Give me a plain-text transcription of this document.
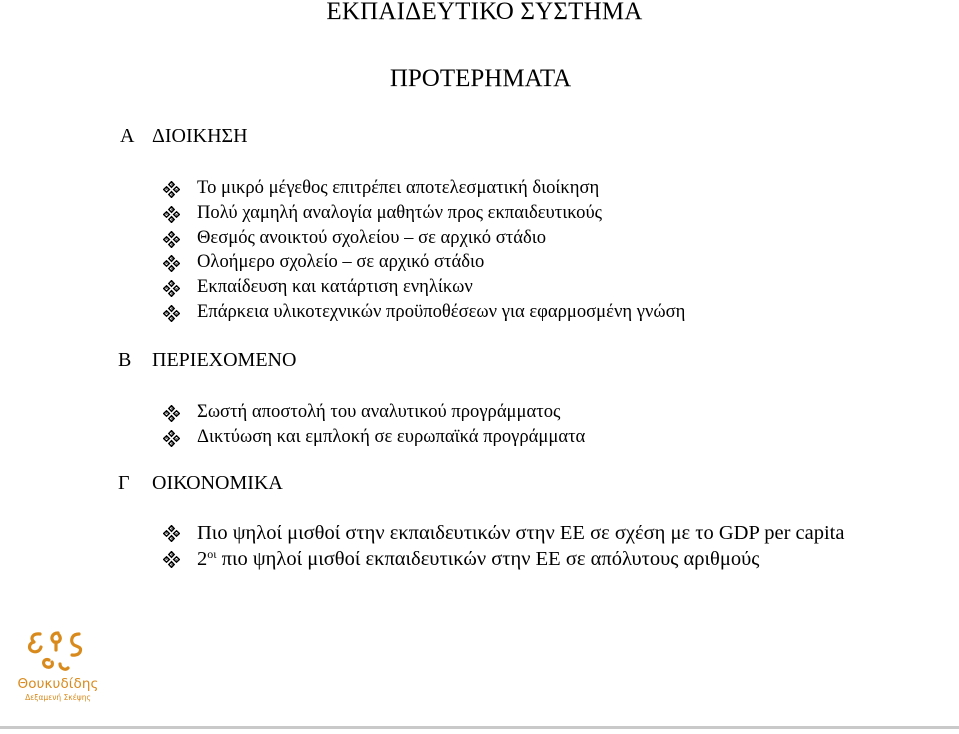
ΕΚΠΑΙΔΕΥΤΙΚΟ ΣΥΣΤΗΜΑ
ΠΡΟΤΕΡΗΜΑΤΑ
Α ΔΙΟΙΚΗΣΗ
Το μικρό μέγεθος επιτρέπει αποτελεσματική διοίκηση
Πολύ χαμηλή αναλογία μαθητών προς εκπαιδευτικούς
Θεσμός ανοικτού σχολείου – σε αρχικό στάδιο
Ολοήμερο σχολείο – σε αρχικό στάδιο
Εκπαίδευση και κατάρτιση ενηλίκων
Επάρκεια υλικοτεχνικών προϋποθέσεων για εφαρμοσμένη γνώση
Β ΠΕΡΙΕΧΟΜΕΝΟ
Σωστή αποστολή του αναλυτικού προγράμματος
Δικτύωση και εμπλοκή σε ευρωπαϊκά προγράμματα
Γ ΟΙΚΟΝΟΜΙΚΑ
Πιο ψηλοί μισθοί στην εκπαιδευτικών στην ΕΕ σε σχέση με το GDP per capita
$2^{o\iota}$ πιο ψηλοί μισθοί εκπαιδευτικών στην ΕΕ σε απόλυτους αριθμούς
Θουκυδίδης
Δεξαμενή Σκέψης
